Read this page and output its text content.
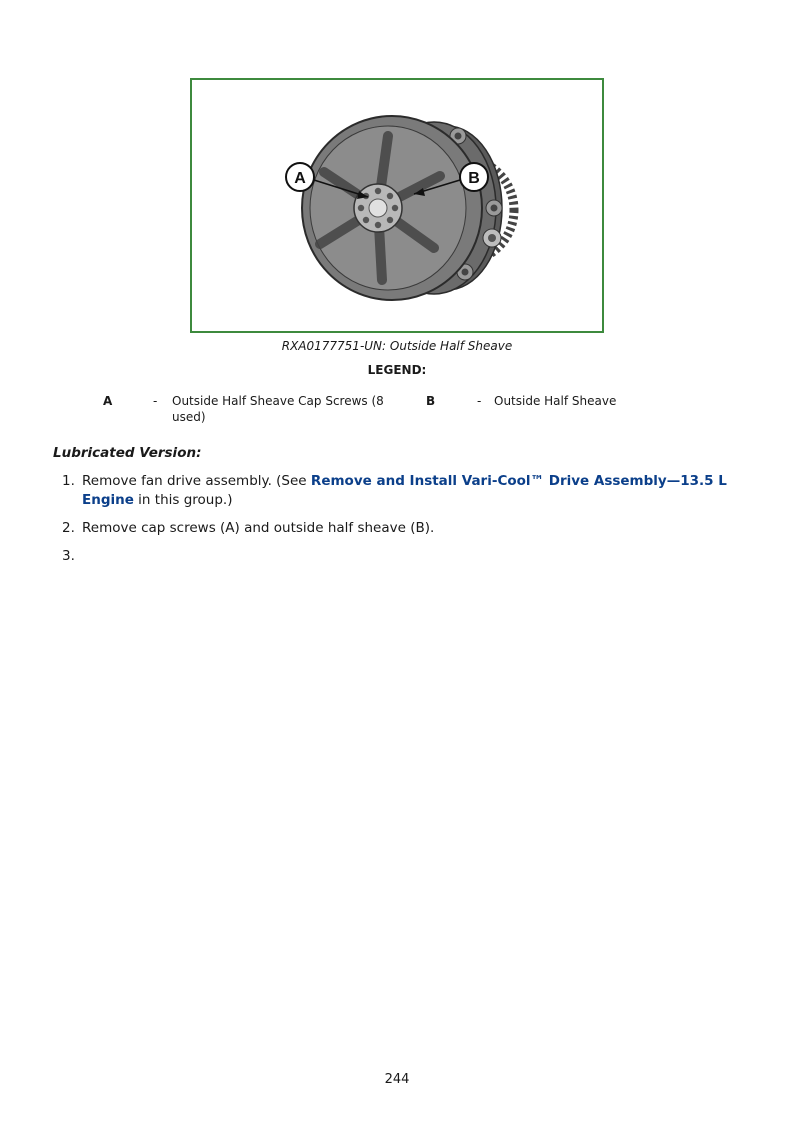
A	B
RXA0177751-UN: Outside Half Sheave
LEGEND:
A	- Outside Half Sheave Cap Screws (8
used)
B	- Outside Half Sheave
Lubricated Version:
1. Remove fan drive assembly. (See Remove and Install Vari-Cool™ Drive Assembly—13.5 L Engine in this group.)
2. Remove cap screws (A) and outside half sheave (B).
3.

244
